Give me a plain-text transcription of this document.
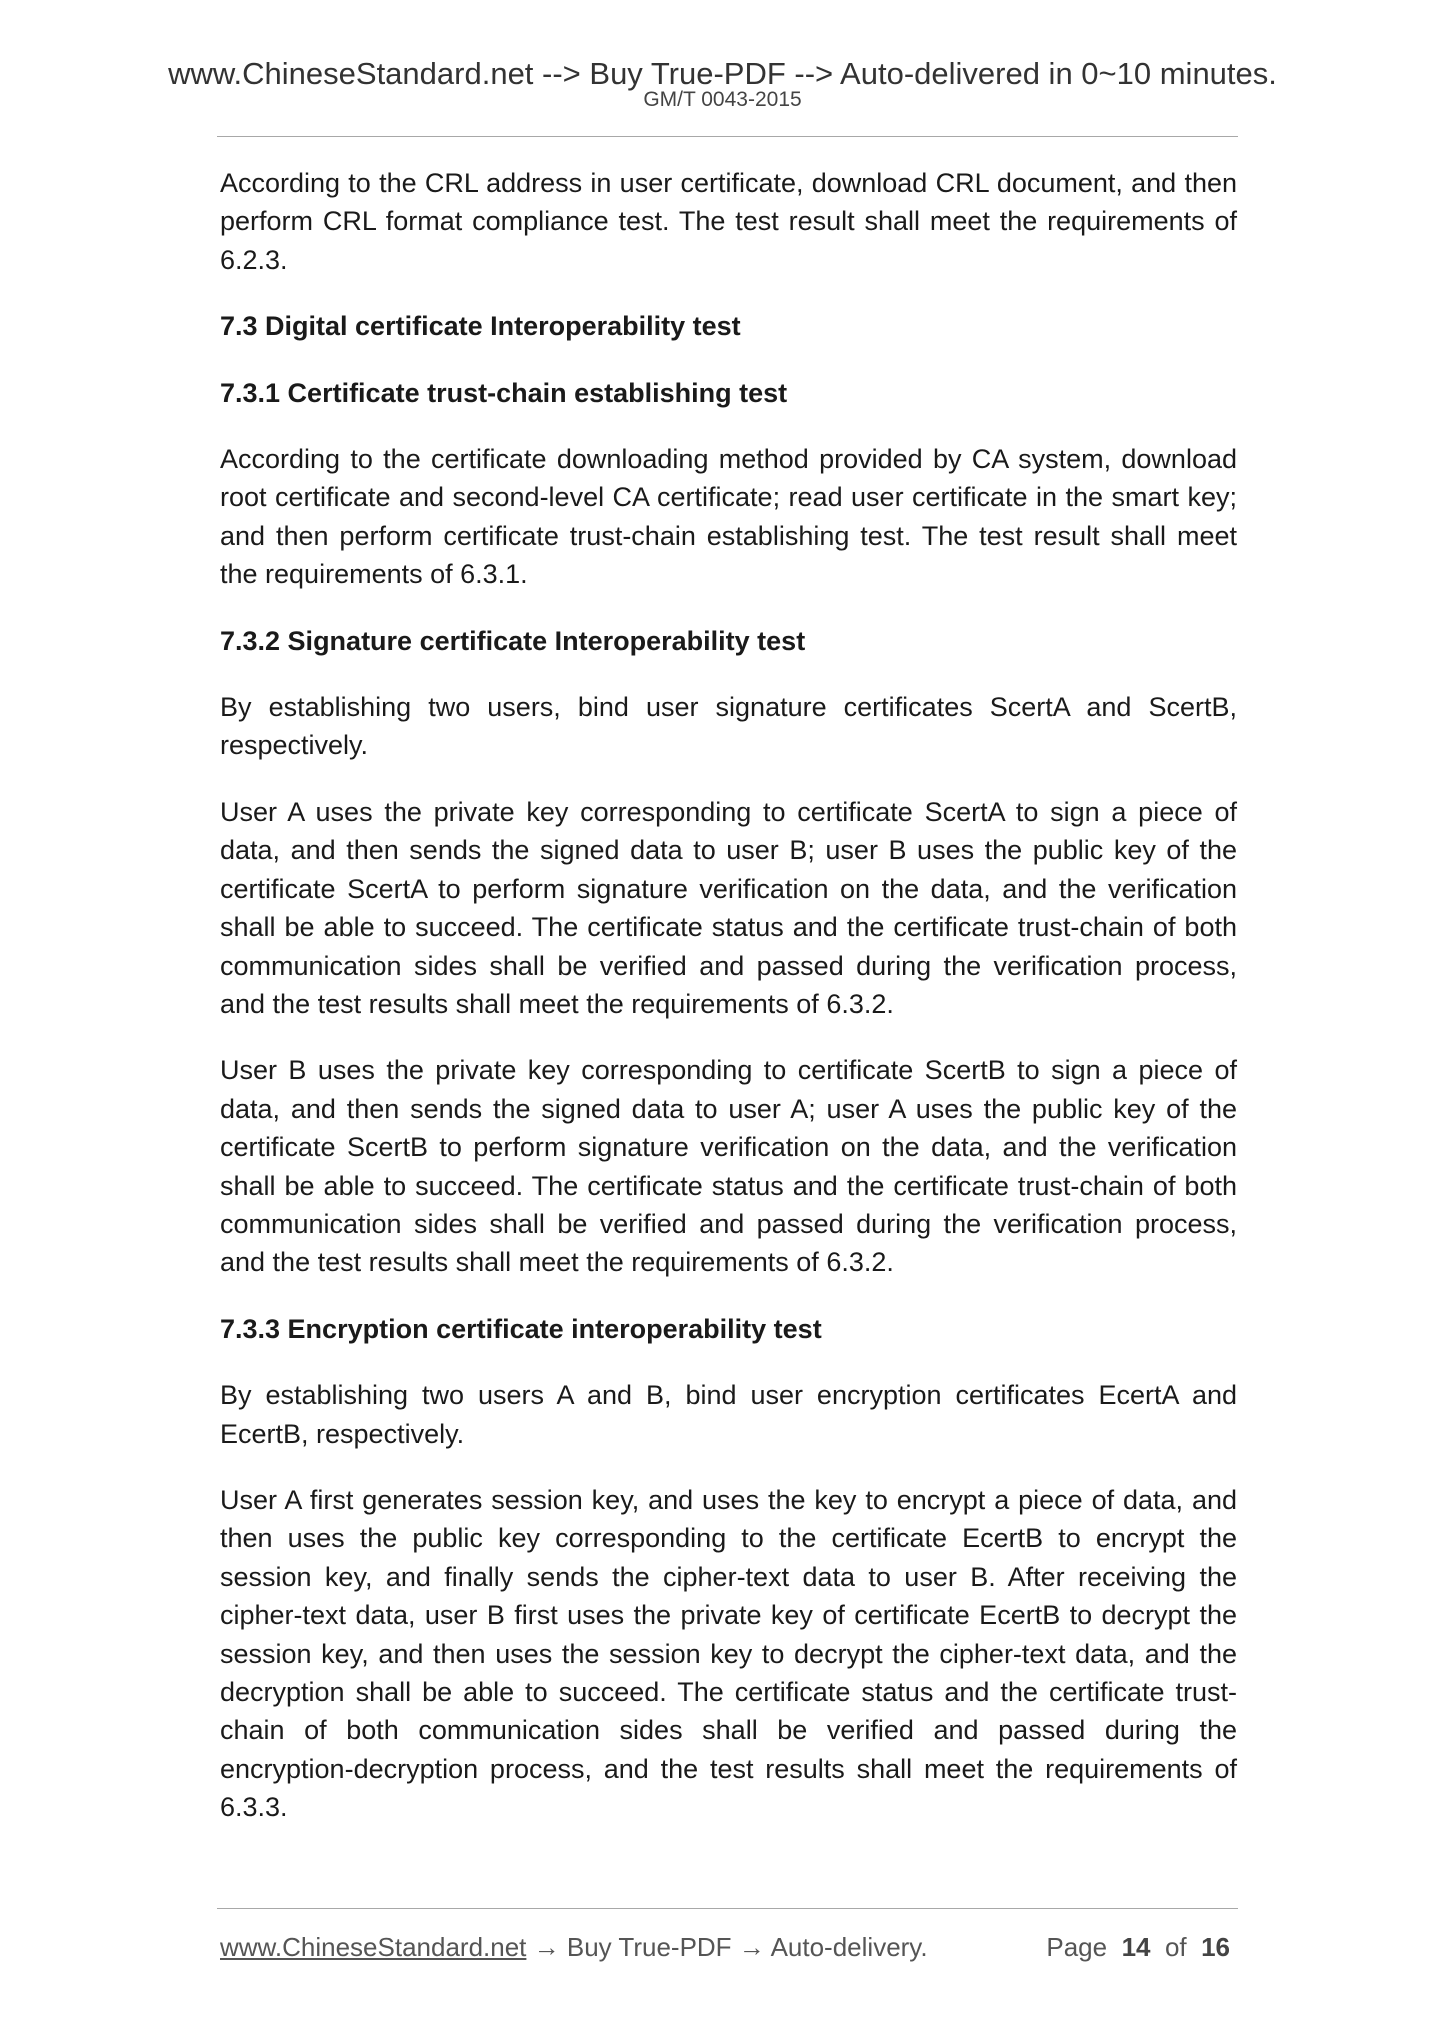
www.ChineseStandard.net --> Buy True-PDF --> Auto-delivered in 0~10 minutes.
GM/T 0043-2015

According to the CRL address in user certificate, download CRL document, and then perform CRL format compliance test. The test result shall meet the requirements of 6.2.3.

7.3 Digital certificate Interoperability test

7.3.1 Certificate trust-chain establishing test

According to the certificate downloading method provided by CA system, download root certificate and second-level CA certificate; read user certificate in the smart key; and then perform certificate trust-chain establishing test. The test result shall meet the requirements of 6.3.1.

7.3.2 Signature certificate Interoperability test

By establishing two users, bind user signature certificates ScertA and ScertB, respectively.

User A uses the private key corresponding to certificate ScertA to sign a piece of data, and then sends the signed data to user B; user B uses the public key of the certificate ScertA to perform signature verification on the data, and the verification shall be able to succeed. The certificate status and the certificate trust-chain of both communication sides shall be verified and passed during the verification process, and the test results shall meet the requirements of 6.3.2.

User B uses the private key corresponding to certificate ScertB to sign a piece of data, and then sends the signed data to user A; user A uses the public key of the certificate ScertB to perform signature verification on the data, and the verification shall be able to succeed. The certificate status and the certificate trust-chain of both communication sides shall be verified and passed during the verification process, and the test results shall meet the requirements of 6.3.2.

7.3.3 Encryption certificate interoperability test

By establishing two users A and B, bind user encryption certificates EcertA and EcertB, respectively.

User A first generates session key, and uses the key to encrypt a piece of data, and then uses the public key corresponding to the certificate EcertB to encrypt the session key, and finally sends the cipher-text data to user B. After receiving the cipher-text data, user B first uses the private key of certificate EcertB to decrypt the session key, and then uses the session key to decrypt the cipher-text data, and the decryption shall be able to succeed. The certificate status and the certificate trust-chain of both communication sides shall be verified and passed during the encryption-decryption process, and the test results shall meet the requirements of 6.3.3.

www.ChineseStandard.net → Buy True-PDF → Auto-delivery.	Page 14 of 16
